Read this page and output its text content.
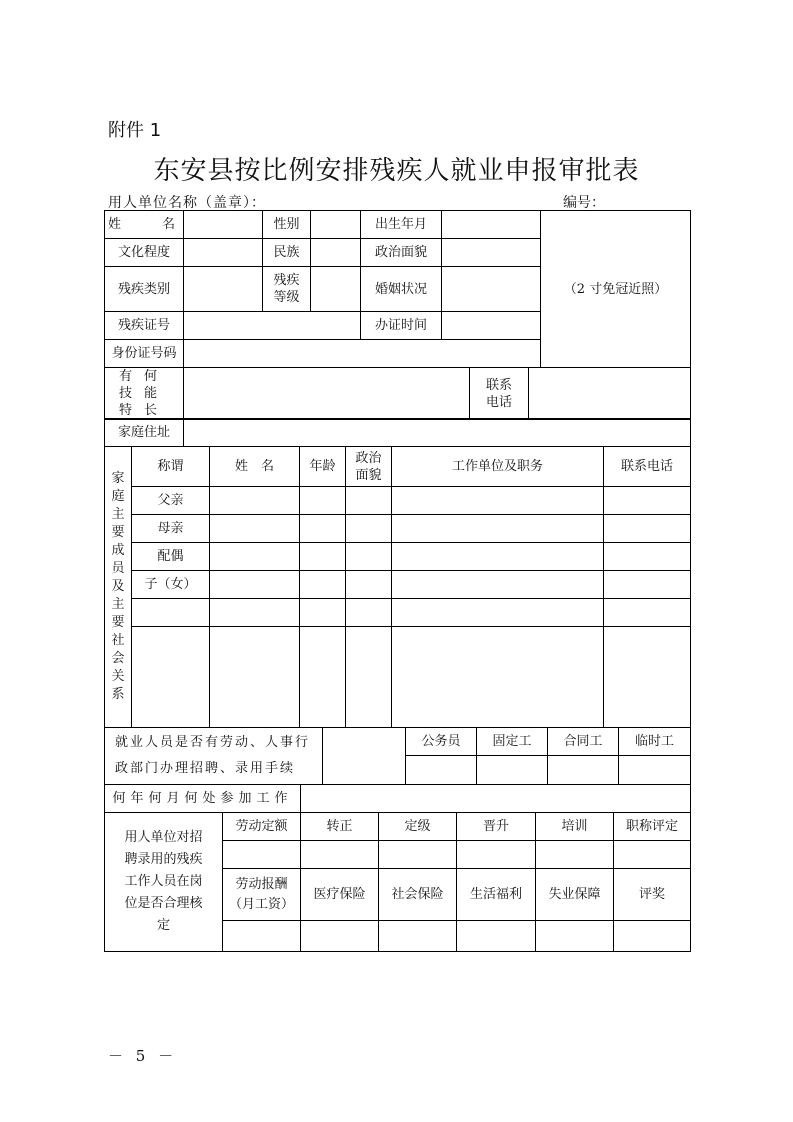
附件 1
东安县按比例安排残疾人就业申报审批表
用人单位名称（盖章）：	编号：
姓　　名		性别		出生年月		（2 寸免冠近照）
文化程度		民族		政治面貌		
残疾类别		残疾等级		婚姻状况		
残疾证号				办证时间		
身份证号码						
有何技能特长		联系电话	
家庭住址	
家庭主要成员及主要社会关系	称谓	姓　名	年龄	政治面貌	工作单位及职务	联系电话
	父亲					
	母亲					
	配偶					
	子（女）					

就业人员是否有劳动、人事行政部门办理招聘、录用手续		公务员	固定工	合同工	临时工

何年何月何处参加工作	
用人单位对招聘录用的残疾工作人员在岗位是否合理核定	劳动定额	转正	定级	晋升	培训	职称评定

	劳动报酬（月工资）	医疗保险	社会保险	生活福利	失业保障	评奖

－ 5 －
